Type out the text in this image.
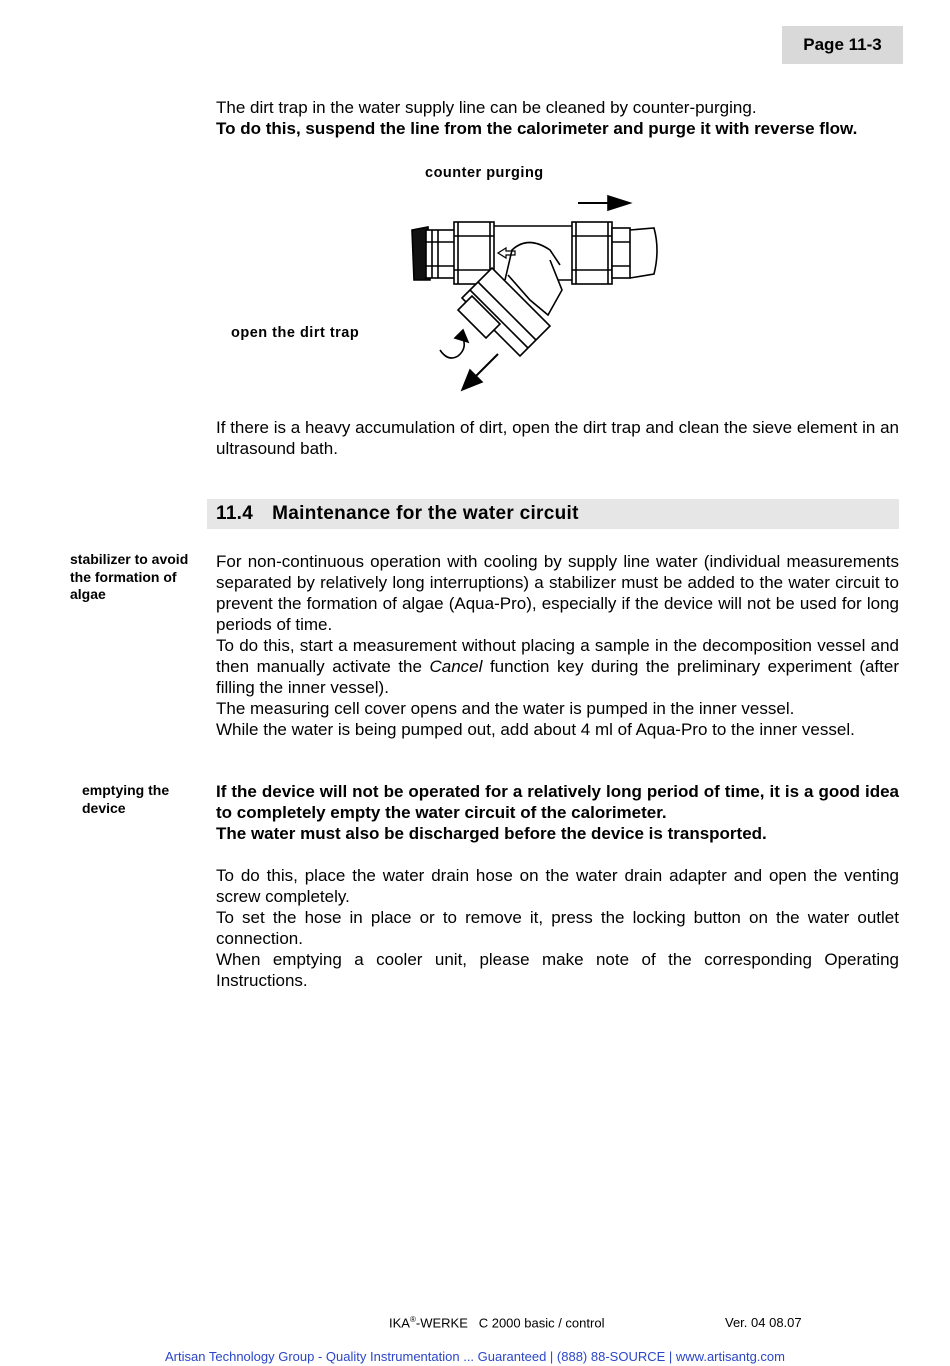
Page 11-3

The dirt trap in the water supply line can be cleaned by counter-purging.

To do this, suspend the line from the calorimeter and purge it with reverse flow.

counter purging
open the dirt trap

If there is a heavy accumulation of dirt, open the dirt trap and clean the sieve element in an ultrasound bath.

11.4 Maintenance for the water circuit
stabilizer to avoid the formation of algae

For non-continuous operation with cooling by supply line water (individual measurements separated by relatively long interruptions) a stabilizer must be added to the water circuit to prevent the formation of algae (Aqua-Pro), especially if the device will not be used for long periods of time.

To do this, start a measurement without placing a sample in the decomposition vessel and then manually activate the Cancel function key during the preliminary experiment (after filling the inner vessel).

The measuring cell cover opens and the water is pumped in the inner vessel.

While the water is being pumped out, add about 4 ml of Aqua-Pro to the inner vessel.

emptying the device

If the device will not be operated for a relatively long period of time, it is a good idea to completely empty the water circuit of the calorimeter.

The water must also be discharged before the device is transported.

To do this, place the water drain hose on the water drain adapter and open the venting screw completely.

To set the hose in place or to remove it, press the locking button on the water outlet connection.

When emptying a cooler unit, please make note of the corresponding Operating Instructions.

IKA®-WERKE C 2000 basic / control	Ver. 04 08.07
Artisan Technology Group - Quality Instrumentation ... Guaranteed | (888) 88-SOURCE | www.artisantg.com
